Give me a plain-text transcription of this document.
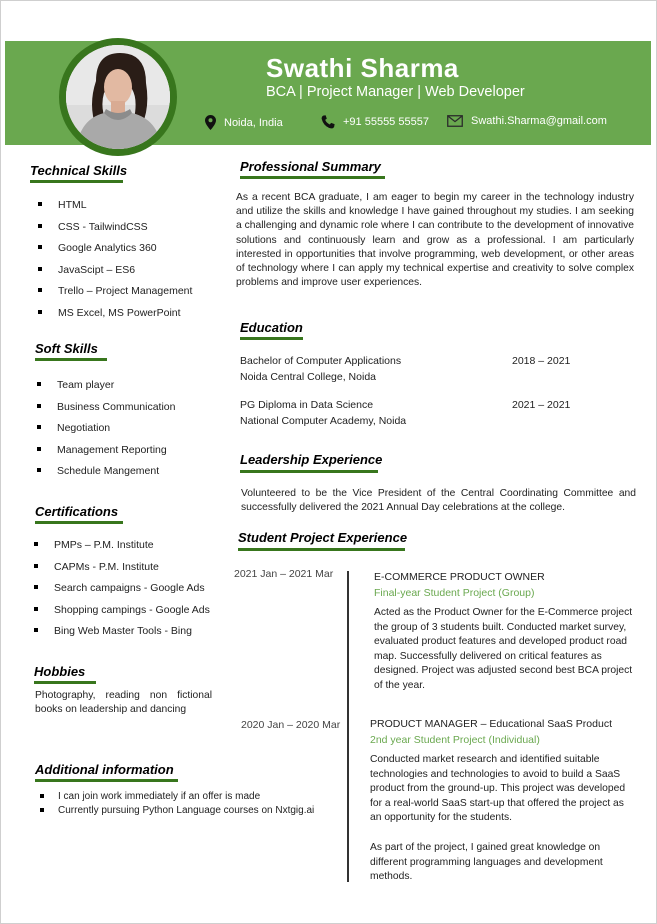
Swathi Sharma
BCA | Project Manager | Web Developer
Noida, India	+91 55555 55557	Swathi.Sharma@gmail.com
Technical Skills
HTML
CSS - TailwindCSS
Google Analytics 360
JavaScipt – ES6
Trello – Project Management
MS Excel, MS PowerPoint
Soft Skills
Team player
Business Communication
Negotiation
Management Reporting
Schedule Mangement
Certifications
PMPs – P.M. Institute
CAPMs - P.M. Institute
Search campaigns - Google Ads
Shopping campings - Google Ads
Bing Web Master Tools - Bing
Hobbies
Photography, reading non fictional books on leadership and dancing
Additional information
I can join work immediately if an offer is made
Currently pursuing Python Language courses on Nxtgig.ai
Professional Summary
As a recent BCA graduate, I am eager to begin my career in the technology industry and utilize the skills and knowledge I have gained throughout my studies. I am seeking a challenging and dynamic role where I can contribute to the development of innovative solutions and continuously learn and grow as a professional. I am particularly interested in opportunities that involve programming, web development, or other areas of technology where I can apply my technical expertise and creativity to solve complex problems and improve user experiences.
Education
Bachelor of Computer Applications
Noida Central College, Noida
2018 – 2021
PG Diploma in Data Science
National Computer Academy, Noida
2021 – 2021
Leadership Experience
Volunteered to be the Vice President of the Central Coordinating Committee and successfully delivered the 2021 Annual Day celebrations at the college.
Student Project Experience
2021 Jan – 2021 Mar	E-COMMERCE PRODUCT OWNER
Final-year Student Project (Group)
Acted as the Product Owner for the E-Commerce project the group of 3 students built. Conducted market survey, evaluated product features and developed product road map. Successfully delivered on critical features as designed. Project was adjusted second best BCA project of the year.
2020 Jan – 2020 Mar	PRODUCT MANAGER – Educational SaaS Product
2nd year Student Project (Individual)
Conducted market research and identified suitable technologies and technologies to avoid to build a SaaS product from the ground-up. This project was developed for a real-world SaaS start-up that offered the project as an opportunity for the students.
As part of the project, I gained great knowledge on different programming languages and development methods.
